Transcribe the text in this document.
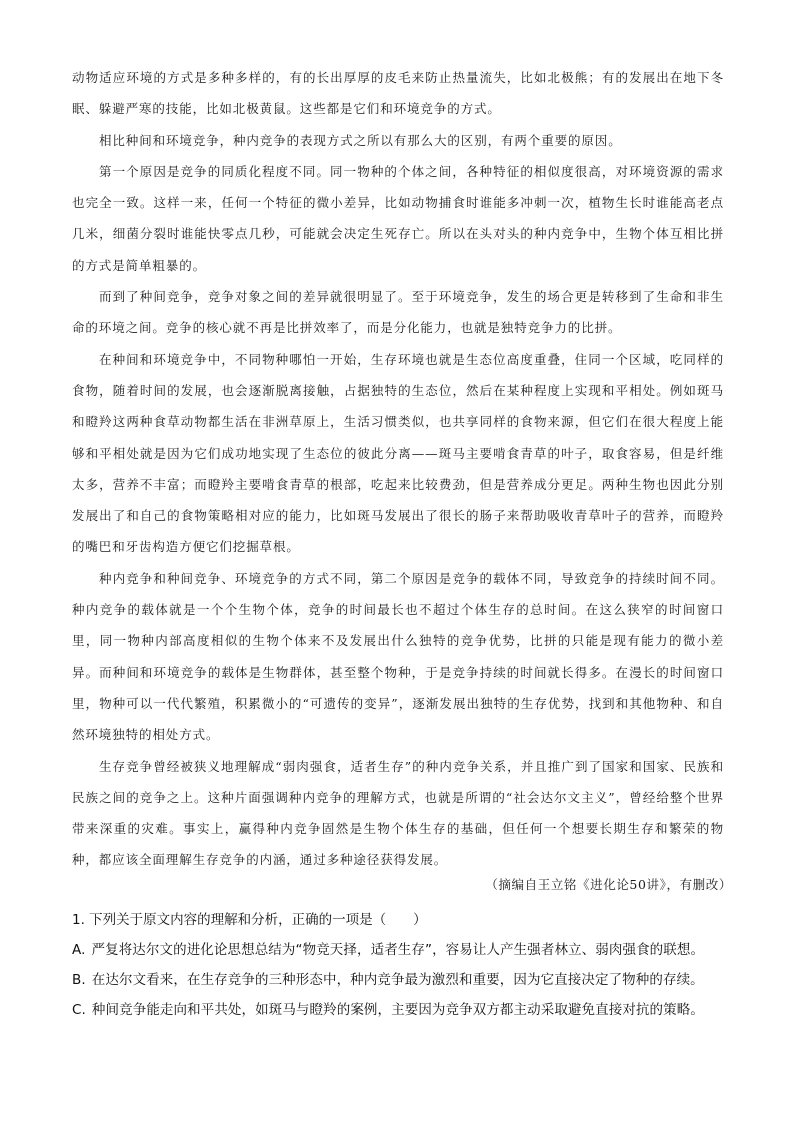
动物适应环境的方式是多种多样的，有的长出厚厚的皮毛来防止热量流失，比如北极熊；有的发展出在地下冬眠、躲避严寒的技能，比如北极黄鼠。这些都是它们和环境竞争的方式。

相比种间和环境竞争，种内竞争的表现方式之所以有那么大的区别，有两个重要的原因。

第一个原因是竞争的同质化程度不同。同一物种的个体之间，各种特征的相似度很高，对环境资源的需求也完全一致。这样一来，任何一个特征的微小差异，比如动物捕食时谁能多冲刺一次，植物生长时谁能高老点几米，细菌分裂时谁能快零点几秒，可能就会决定生死存亡。所以在头对头的种内竞争中，生物个体互相比拼的方式是简单粗暴的。

而到了种间竞争，竞争对象之间的差异就很明显了。至于环境竞争，发生的场合更是转移到了生命和非生命的环境之间。竞争的核心就不再是比拼效率了，而是分化能力，也就是独特竞争力的比拼。

在种间和环境竞争中，不同物种哪怕一开始，生存环境也就是生态位高度重叠，住同一个区域，吃同样的食物，随着时间的发展，也会逐渐脱离接触，占据独特的生态位，然后在某种程度上实现和平相处。例如斑马和瞪羚这两种食草动物都生活在非洲草原上，生活习惯类似，也共享同样的食物来源，但它们在很大程度上能够和平相处就是因为它们成功地实现了生态位的彼此分离——斑马主要啃食青草的叶子，取食容易，但是纤维太多，营养不丰富；而瞪羚主要啃食青草的根部，吃起来比较费劲，但是营养成分更足。两种生物也因此分别发展出了和自己的食物策略相对应的能力，比如斑马发展出了很长的肠子来帮助吸收青草叶子的营养，而瞪羚的嘴巴和牙齿构造方便它们挖掘草根。

种内竞争和种间竞争、环境竞争的方式不同，第二个原因是竞争的载体不同，导致竞争的持续时间不同。种内竞争的载体就是一个个生物个体，竞争的时间最长也不超过个体生存的总时间。在这么狭窄的时间窗口里，同一物种内部高度相似的生物个体来不及发展出什么独特的竞争优势，比拼的只能是现有能力的微小差异。而种间和环境竞争的载体是生物群体，甚至整个物种，于是竞争持续的时间就长得多。在漫长的时间窗口里，物种可以一代代繁殖，积累微小的“可遗传的变异”，逐渐发展出独特的生存优势，找到和其他物种、和自然环境独特的相处方式。

生存竞争曾经被狭义地理解成“弱肉强食，适者生存”的种内竞争关系，并且推广到了国家和国家、民族和民族之间的竞争之上。这种片面强调种内竞争的理解方式，也就是所谓的“社会达尔文主义”，曾经给整个世界带来深重的灾难。事实上，赢得种内竞争固然是生物个体生存的基础，但任何一个想要长期生存和繁荣的物种，都应该全面理解生存竞争的内涵，通过多种途径获得发展。

（摘编自王立铭《进化论50讲》，有删改）

1. 下列关于原文内容的理解和分析，正确的一项是（　　）

A. 严复将达尔文的进化论思想总结为“物竞天择，适者生存”，容易让人产生强者林立、弱肉强食的联想。

B. 在达尔文看来，在生存竞争的三种形态中，种内竞争最为激烈和重要，因为它直接决定了物种的存续。

C. 种间竞争能走向和平共处，如斑马与瞪羚的案例，主要因为竞争双方都主动采取避免直接对抗的策略。
